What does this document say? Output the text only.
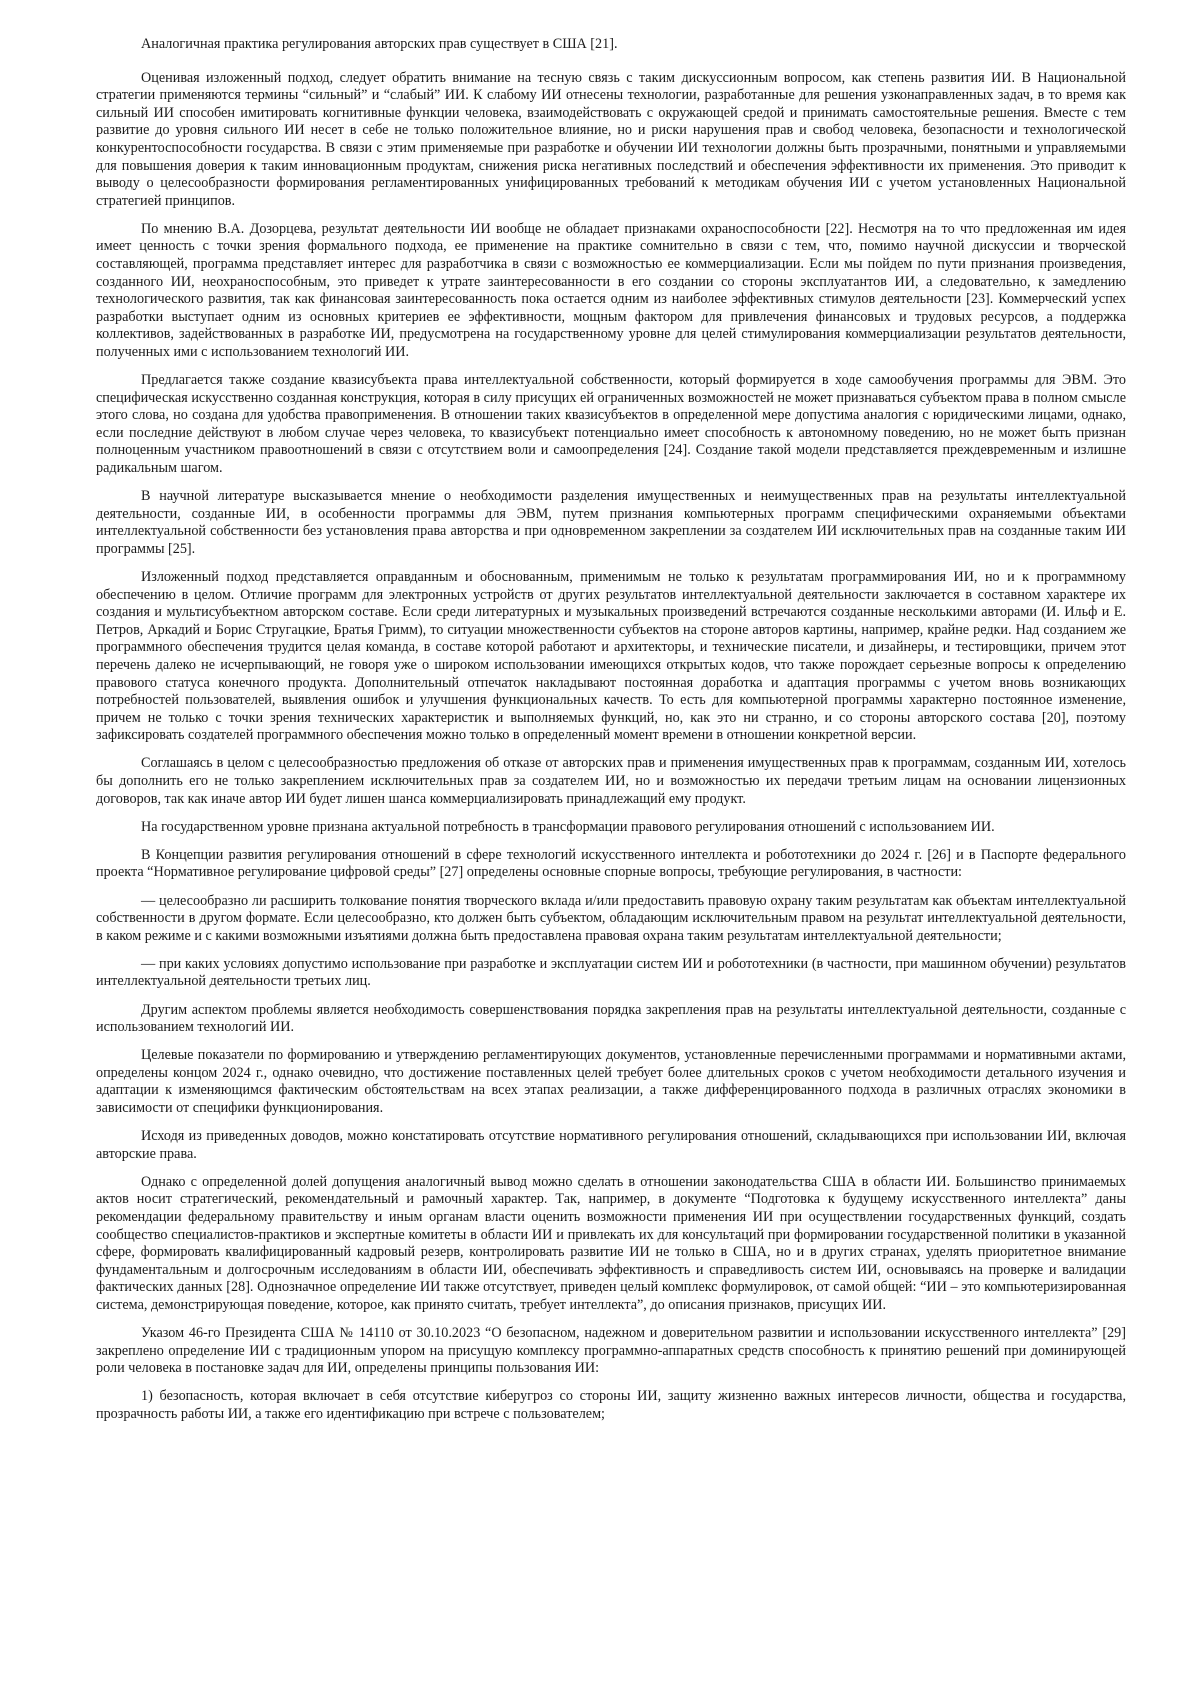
Аналогичная практика регулирования авторских прав существует в США [21].

Оценивая изложенный подход, следует обратить внимание на тесную связь с таким дискуссионным вопросом, как степень развития ИИ. В Национальной стратегии применяются термины “сильный” и “слабый” ИИ. К слабому ИИ отнесены технологии, разработанные для решения узконаправленных задач, в то время как сильный ИИ способен имитировать когнитивные функции человека, взаимодействовать с окружающей средой и принимать самостоятельные решения. Вместе с тем развитие до уровня сильного ИИ несет в себе не только положительное влияние, но и риски нарушения прав и свобод человека, безопасности и технологической конкурентоспособности государства. В связи с этим применяемые при разработке и обучении ИИ технологии должны быть прозрачными, понятными и управляемыми для повышения доверия к таким инновационным продуктам, снижения риска негативных последствий и обеспечения эффективности их применения. Это приводит к выводу о целесообразности формирования регламентированных унифицированных требований к методикам обучения ИИ с учетом установленных Национальной стратегией принципов.

По мнению В.А. Дозорцева, результат деятельности ИИ вообще не обладает признаками охраноспособности [22]. Несмотря на то что предложенная им идея имеет ценность с точки зрения формального подхода, ее применение на практике сомнительно в связи с тем, что, помимо научной дискуссии и творческой составляющей, программа представляет интерес для разработчика в связи с возможностью ее коммерциализации. Если мы пойдем по пути признания произведения, созданного ИИ, неохраноспособным, это приведет к утрате заинтересованности в его создании со стороны эксплуатантов ИИ, а следовательно, к замедлению технологического развития, так как финансовая заинтересованность пока остается одним из наиболее эффективных стимулов деятельности [23]. Коммерческий успех разработки выступает одним из основных критериев ее эффективности, мощным фактором для привлечения финансовых и трудовых ресурсов, а поддержка коллективов, задействованных в разработке ИИ, предусмотрена на государственному уровне для целей стимулирования коммерциализации результатов деятельности, полученных ими с использованием технологий ИИ.

Предлагается также создание квазисубъекта права интеллектуальной собственности, который формируется в ходе самообучения программы для ЭВМ. Это специфическая искусственно созданная конструкция, которая в силу присущих ей ограниченных возможностей не может признаваться субъектом права в полном смысле этого слова, но создана для удобства правоприменения. В отношении таких квазисубъектов в определенной мере допустима аналогия с юридическими лицами, однако, если последние действуют в любом случае через человека, то квазисубъект потенциально имеет способность к автономному поведению, но не может быть признан полноценным участником правоотношений в связи с отсутствием воли и самоопределения [24]. Создание такой модели представляется преждевременным и излишне радикальным шагом.

В научной литературе высказывается мнение о необходимости разделения имущественных и неимущественных прав на результаты интеллектуальной деятельности, созданные ИИ, в особенности программы для ЭВМ, путем признания компьютерных программ специфическими охраняемыми объектами интеллектуальной собственности без установления права авторства и при одновременном закреплении за создателем ИИ исключительных прав на созданные таким ИИ программы [25].

Изложенный подход представляется оправданным и обоснованным, применимым не только к результатам программирования ИИ, но и к программному обеспечению в целом. Отличие программ для электронных устройств от других результатов интеллектуальной деятельности заключается в составном характере их создания и мультисубъектном авторском составе. Если среди литературных и музыкальных произведений встречаются созданные несколькими авторами (И. Ильф и Е. Петров, Аркадий и Борис Стругацкие, Братья Гримм), то ситуации множественности субъектов на стороне авторов картины, например, крайне редки. Над созданием же программного обеспечения трудится целая команда, в составе которой работают и архитекторы, и технические писатели, и дизайнеры, и тестировщики, причем этот перечень далеко не исчерпывающий, не говоря уже о широком использовании имеющихся открытых кодов, что также порождает серьезные вопросы к определению правового статуса конечного продукта. Дополнительный отпечаток накладывают постоянная доработка и адаптация программы с учетом вновь возникающих потребностей пользователей, выявления ошибок и улучшения функциональных качеств. То есть для компьютерной программы характерно постоянное изменение, причем не только с точки зрения технических характеристик и выполняемых функций, но, как это ни странно, и со стороны авторского состава [20], поэтому зафиксировать создателей программного обеспечения можно только в определенный момент времени в отношении конкретной версии.

Соглашаясь в целом с целесообразностью предложения об отказе от авторских прав и применения имущественных прав к программам, созданным ИИ, хотелось бы дополнить его не только закреплением исключительных прав за создателем ИИ, но и возможностью их передачи третьим лицам на основании лицензионных договоров, так как иначе автор ИИ будет лишен шанса коммерциализировать принадлежащий ему продукт.

На государственном уровне признана актуальной потребность в трансформации правового регулирования отношений с использованием ИИ.

В Концепции развития регулирования отношений в сфере технологий искусственного интеллекта и робототехники до 2024 г. [26] и в Паспорте федерального проекта “Нормативное регулирование цифровой среды” [27] определены основные спорные вопросы, требующие регулирования, в частности:

— целесообразно ли расширить толкование понятия творческого вклада и/или предоставить правовую охрану таким результатам как объектам интеллектуальной собственности в другом формате. Если целесообразно, кто должен быть субъектом, обладающим исключительным правом на результат интеллектуальной деятельности, в каком режиме и с какими возможными изъятиями должна быть предоставлена правовая охрана таким результатам интеллектуальной деятельности;

— при каких условиях допустимо использование при разработке и эксплуатации систем ИИ и робототехники (в частности, при машинном обучении) результатов интеллектуальной деятельности третьих лиц.

Другим аспектом проблемы является необходимость совершенствования порядка закрепления прав на результаты интеллектуальной деятельности, созданные с использованием технологий ИИ.

Целевые показатели по формированию и утверждению регламентирующих документов, установленные перечисленными программами и нормативными актами, определены концом 2024 г., однако очевидно, что достижение поставленных целей требует более длительных сроков с учетом необходимости детального изучения и адаптации к изменяющимся фактическим обстоятельствам на всех этапах реализации, а также дифференцированного подхода в различных отраслях экономики в зависимости от специфики функционирования.

Исходя из приведенных доводов, можно констатировать отсутствие нормативного регулирования отношений, складывающихся при использовании ИИ, включая авторские права.

Однако с определенной долей допущения аналогичный вывод можно сделать в отношении законодательства США в области ИИ. Большинство принимаемых актов носит стратегический, рекомендательный и рамочный характер. Так, например, в документе “Подготовка к будущему искусственного интеллекта” даны рекомендации федеральному правительству и иным органам власти оценить возможности применения ИИ при осуществлении государственных функций, создать сообщество специалистов-практиков и экспертные комитеты в области ИИ и привлекать их для консультаций при формировании государственной политики в указанной сфере, формировать квалифицированный кадровый резерв, контролировать развитие ИИ не только в США, но и в других странах, уделять приоритетное внимание фундаментальным и долгосрочным исследованиям в области ИИ, обеспечивать эффективность и справедливость систем ИИ, основываясь на проверке и валидации фактических данных [28]. Однозначное определение ИИ также отсутствует, приведен целый комплекс формулировок, от самой общей: “ИИ – это компьютеризированная система, демонстрирующая поведение, которое, как принято считать, требует интеллекта”, до описания признаков, присущих ИИ.

Указом 46-го Президента США № 14110 от 30.10.2023 “О безопасном, надежном и доверительном развитии и использовании искусственного интеллекта” [29] закреплено определение ИИ с традиционным упором на присущую комплексу программно-аппаратных средств способность к принятию решений при доминирующей роли человека в постановке задач для ИИ, определены принципы пользования ИИ:

1) безопасность, которая включает в себя отсутствие киберугроз со стороны ИИ, защиту жизненно важных интересов личности, общества и государства, прозрачность работы ИИ, а также его идентификацию при встрече с пользователем;
